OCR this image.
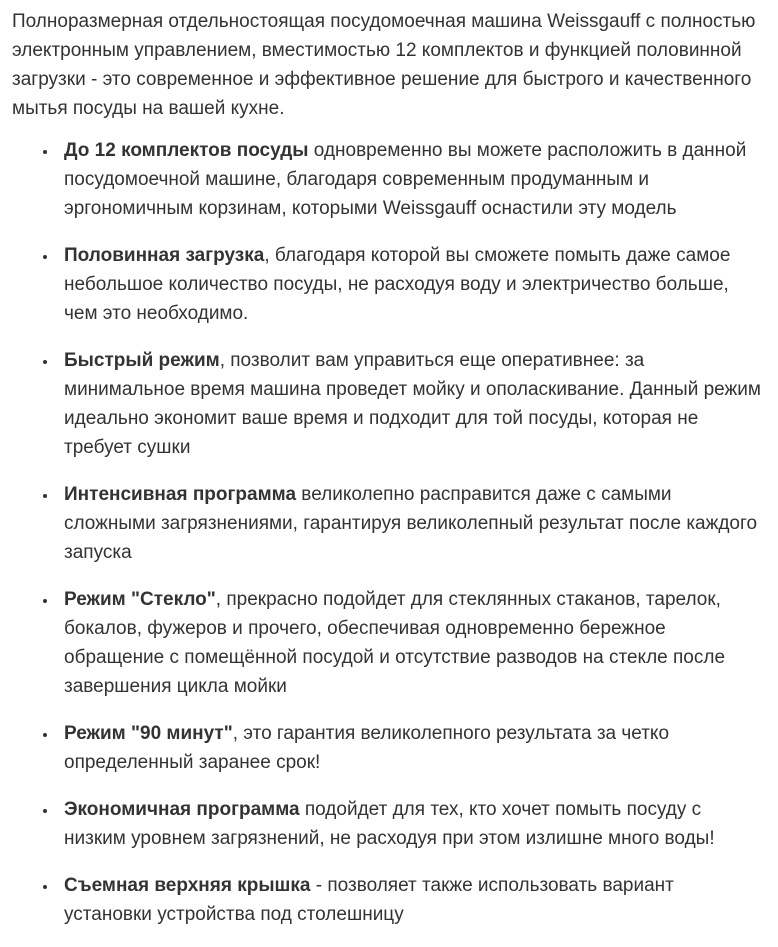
Полноразмерная отдельностоящая посудомоечная машина Weissgauff с полностью электронным управлением, вместимостью 12 комплектов и функцией половинной загрузки - это современное и эффективное решение для быстрого и качественного мытья посуды на вашей кухне.

• До 12 комплектов посуды одновременно вы можете расположить в данной посудомоечной машине, благодаря современным продуманным и эргономичным корзинам, которыми Weissgauff оснастили эту модель
• Половинная загрузка, благодаря которой вы сможете помыть даже самое небольшое количество посуды, не расходуя воду и электричество больше, чем это необходимо.
• Быстрый режим, позволит вам управиться еще оперативнее: за минимальное время машина проведет мойку и ополаскивание. Данный режим идеально экономит ваше время и подходит для той посуды, которая не требует сушки
• Интенсивная программа великолепно расправится даже с самыми сложными загрязнениями, гарантируя великолепный результат после каждого запуска
• Режим "Стекло", прекрасно подойдет для стеклянных стаканов, тарелок, бокалов, фужеров и прочего, обеспечивая одновременно бережное обращение с помещённой посудой и отсутствие разводов на стекле после завершения цикла мойки
• Режим "90 минут", это гарантия великолепного результата за четко определенный заранее срок!
• Экономичная программа подойдет для тех, кто хочет помыть посуду с низким уровнем загрязнений, не расходуя при этом излишне много воды!
• Съемная верхняя крышка - позволяет также использовать вариант установки устройства под столешницу
